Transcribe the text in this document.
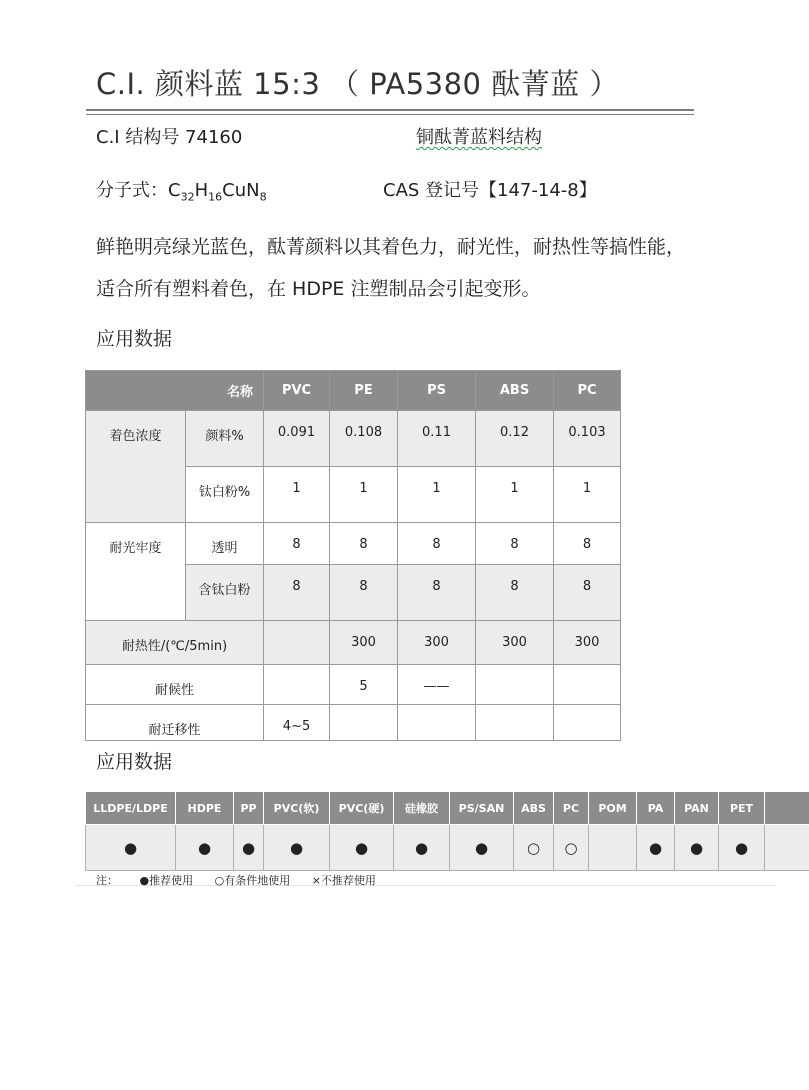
C.I. 颜料蓝 15:3 （ PA5380 酞菁蓝 ）
C.I 结构号 74160	铜酞菁蓝料结构
分子式：$C_{32}H_{16}CuN_8$	CAS 登记号【147-14-8】
鲜艳明亮绿光蓝色，酞菁颜料以其着色力，耐光性，耐热性等搞性能，适合所有塑料着色，在 HDPE 注塑制品会引起变形。
应用数据
名称		PVC	PE	PS	ABS	PC
着色浓度	颜料%	0.091	0.108	0.11	0.12	0.103
	钛白粉%	1	1	1	1	1
耐光牢度	透明	8	8	8	8	8
	含钛白粉	8	8	8	8	8
耐热性/(℃/5min)			300	300	300	300
耐候性			5	——		
耐迁移性		4~5				
应用数据
LLDPE/LDPE	HDPE	PP	PVC(软)	PVC(硬)	硅橡胶	PS/SAN	ABS	PC	POM	PA	PAN	PET	
●	●	●	●	●	●	●	○	○		●	●	●	
注： ●推荐使用 ○有条件地使用 ×不推荐使用
